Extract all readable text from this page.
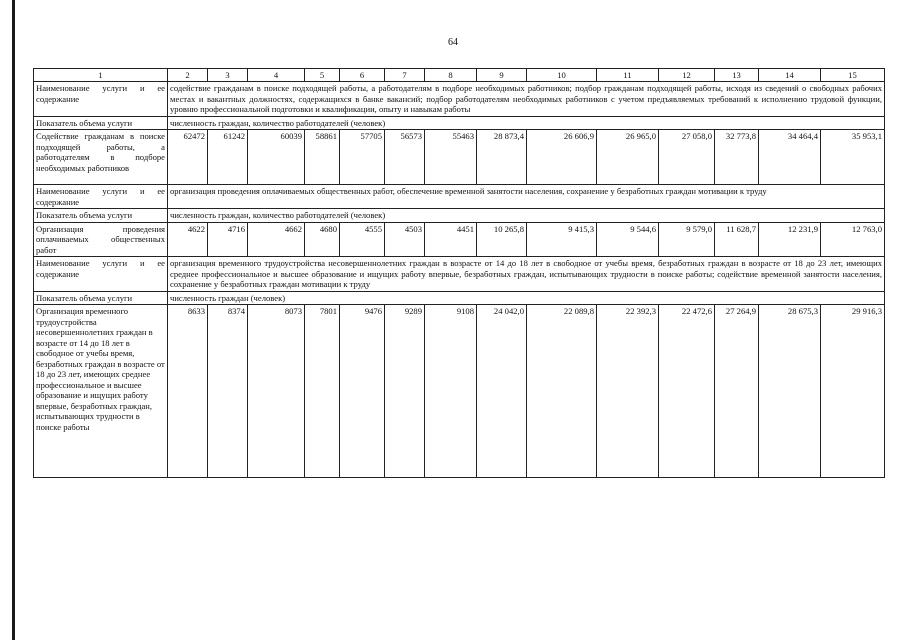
64
1	2	3	4	5	6	7	8	9	10	11	12	13	14	15
Наименование услуги и ее содержание	содействие гражданам в поиске подходящей работы, а работодателям в подборе необходимых работников; подбор гражданам подходящей работы, исходя из сведений о свободных рабочих местах и вакантных должностях, содержащихся в банке вакансий; подбор работодателям необходимых работников с учетом предъявляемых требований к исполнению трудовой функции, уровню профессиональной подготовки и квалификации, опыту и навыкам работы													
Показатель объема услуги	численность граждан, количество работодателей (человек)													
Содействие гражданам в поиске подходящей работы, а работодателям в подборе необходимых работников	62472	61242	60039	58861	57705	56573	55463	28 873,4	26 606,9	26 965,0	27 058,0	32 773,8	34 464,4	35 953,1
Наименование услуги и ее содержание	организация проведения оплачиваемых общественных работ, обеспечение временной занятости населения, сохранение у безработных граждан мотивации к труду													
Показатель объема услуги	численность граждан, количество работодателей (человек)													
Организация проведения оплачиваемых общественных работ	4622	4716	4662	4680	4555	4503	4451	10 265,8	9 415,3	9 544,6	9 579,0	11 628,7	12 231,9	12 763,0
Наименование услуги и ее содержание	организация временного трудоустройства несовершеннолетних граждан в возрасте от 14 до 18 лет в свободное от учебы время, безработных граждан в возрасте от 18 до 23 лет, имеющих среднее профессиональное и высшее образование и ищущих работу впервые, безработных граждан, испытывающих трудности в поиске работы; содействие временной занятости населения, сохранение у безработных граждан мотивации к труду													
Показатель объема услуги	численность граждан (человек)													
Организация временного трудоустройства несовершеннолетних граждан в возрасте от 14 до 18 лет в свободное от учебы время, безработных граждан в возрасте от 18 до 23 лет, имеющих среднее профессиональное и высшее образование и ищущих работу впервые, безработных граждан, испытывающих трудности в поиске работы	8633	8374	8073	7801	9476	9289	9108	24 042,0	22 089,8	22 392,3	22 472,6	27 264,9	28 675,3	29 916,3
